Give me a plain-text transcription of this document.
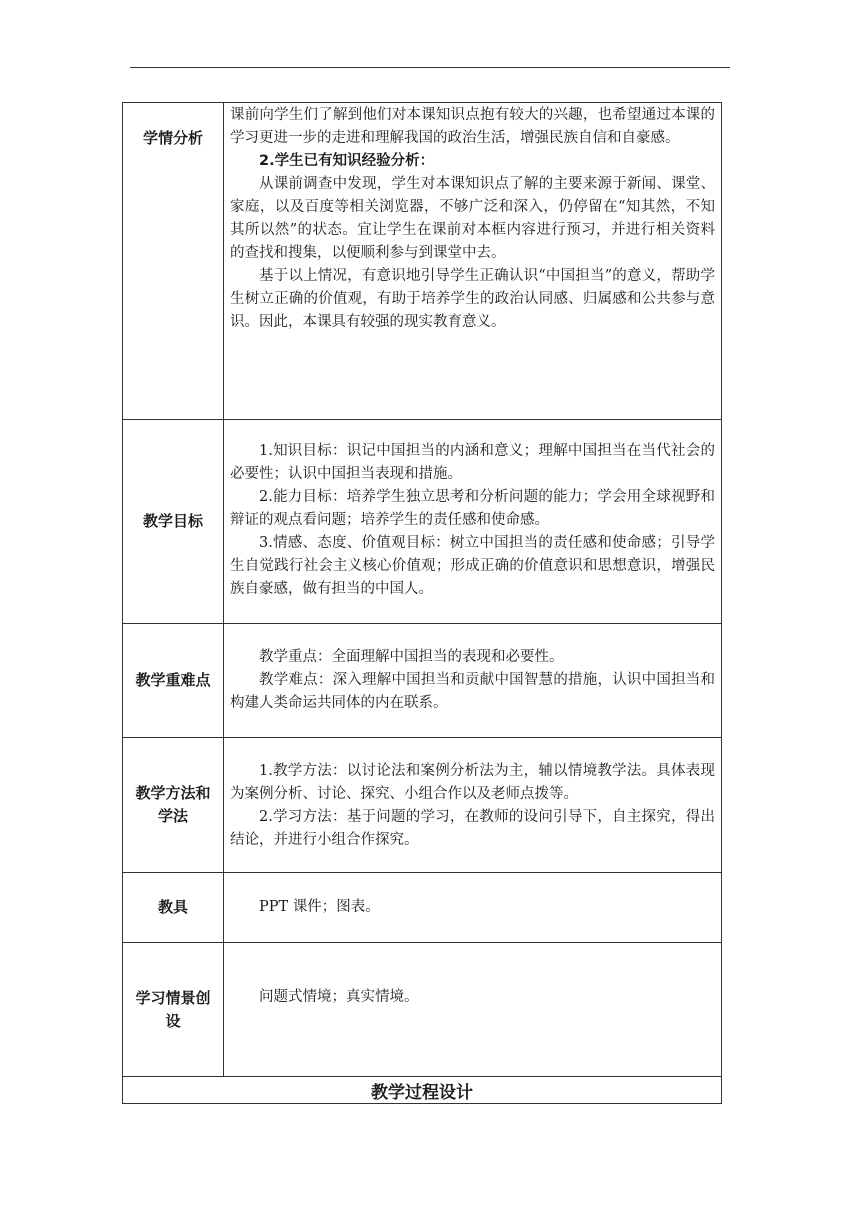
学情分析	课前向学生们了解到他们对本课知识点抱有较大的兴趣，也希望通过本课的学习更进一步的走进和理解我国的政治生活，增强民族自信和自豪感。

2.学生已有知识经验分析：

从课前调查中发现，学生对本课知识点了解的主要来源于新闻、课堂、家庭，以及百度等相关浏览器，不够广泛和深入，仍停留在“知其然，不知其所以然”的状态。宜让学生在课前对本框内容进行预习，并进行相关资料的查找和搜集，以便顺利参与到课堂中去。

基于以上情况，有意识地引导学生正确认识“中国担当”的意义，帮助学生树立正确的价值观，有助于培养学生的政治认同感、归属感和公共参与意识。因此，本课具有较强的现实教育意义。

教学目标	1.知识目标：识记中国担当的内涵和意义；理解中国担当在当代社会的必要性；认识中国担当表现和措施。

2.能力目标：培养学生独立思考和分析问题的能力；学会用全球视野和辩证的观点看问题；培养学生的责任感和使命感。

3.情感、态度、价值观目标：树立中国担当的责任感和使命感；引导学生自觉践行社会主义核心价值观；形成正确的价值意识和思想意识，增强民族自豪感，做有担当的中国人。

教学重难点	教学重点：全面理解中国担当的表现和必要性。

教学难点：深入理解中国担当和贡献中国智慧的措施，认识中国担当和构建人类命运共同体的内在联系。

教学方法和学法	1.教学方法：以讨论法和案例分析法为主，辅以情境教学法。具体表现为案例分析、讨论、探究、小组合作以及老师点拨等。

2.学习方法：基于问题的学习，在教师的设问引导下，自主探究，得出结论，并进行小组合作探究。

教具	PPT 课件；图表。

学习情景创设	问题式情境；真实情境。

教学过程设计	
